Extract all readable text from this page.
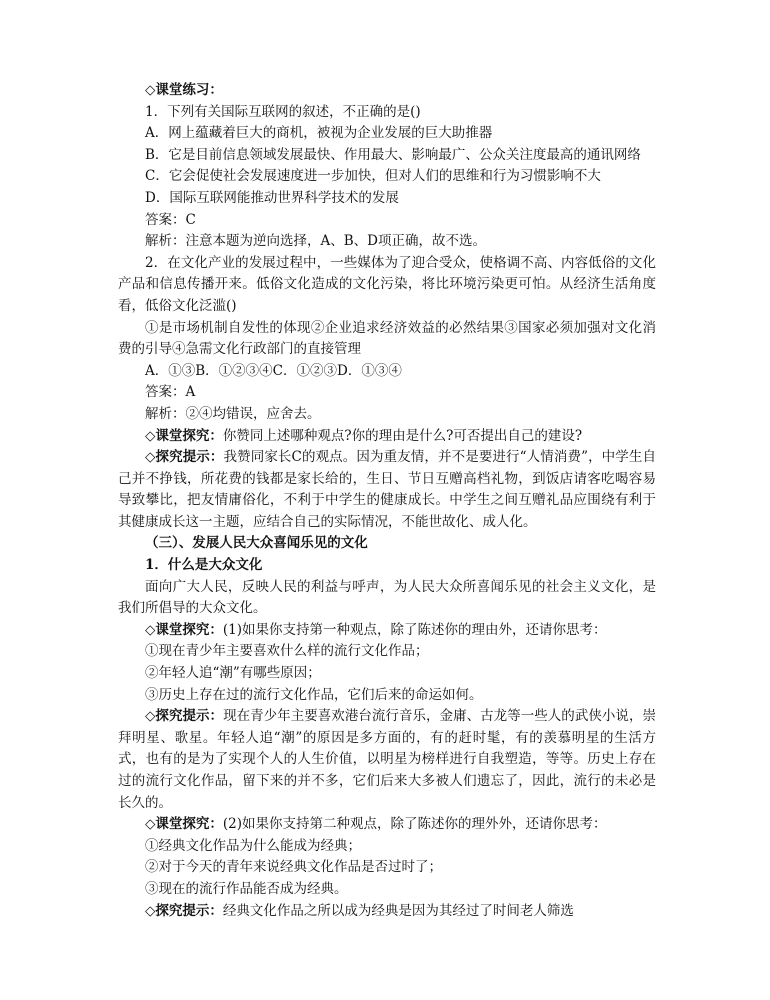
◇课堂练习：

1．下列有关国际互联网的叙述，不正确的是()

A．网上蕴藏着巨大的商机，被视为企业发展的巨大助推器

B．它是目前信息领域发展最快、作用最大、影响最广、公众关注度最高的通讯网络

C．它会促使社会发展速度进一步加快，但对人们的思维和行为习惯影响不大

D．国际互联网能推动世界科学技术的发展

答案：C

解析：注意本题为逆向选择，A、B、D项正确，故不选。

2．在文化产业的发展过程中，一些媒体为了迎合受众，使格调不高、内容低俗的文化产品和信息传播开来。低俗文化造成的文化污染，将比环境污染更可怕。从经济生活角度看，低俗文化泛滥()

①是市场机制自发性的体现②企业追求经济效益的必然结果③国家必须加强对文化消费的引导④急需文化行政部门的直接管理

A．①③B．①②③④C．①②③D．①③④

答案：A

解析：②④均错误，应舍去。

◇课堂探究：你赞同上述哪种观点?你的理由是什么?可否提出自己的建设?

◇探究提示：我赞同家长C的观点。因为重友情，并不是要进行“人情消费”，中学生自己并不挣钱，所花费的钱都是家长给的，生日、节日互赠高档礼物，到饭店请客吃喝容易导致攀比，把友情庸俗化，不利于中学生的健康成长。中学生之间互赠礼品应围绕有利于其健康成长这一主题，应结合自己的实际情况，不能世故化、成人化。

（三）、发展人民大众喜闻乐见的文化

1．什么是大众文化

面向广大人民，反映人民的利益与呼声，为人民大众所喜闻乐见的社会主义文化，是我们所倡导的大众文化。

◇课堂探究：(1)如果你支持第一种观点，除了陈述你的理由外，还请你思考：

①现在青少年主要喜欢什么样的流行文化作品；

②年轻人追“潮”有哪些原因；

③历史上存在过的流行文化作品，它们后来的命运如何。

◇探究提示：现在青少年主要喜欢港台流行音乐，金庸、古龙等一些人的武侠小说，崇拜明星、歌星。年轻人追“潮”的原因是多方面的，有的赶时髦，有的羡慕明星的生活方式，也有的是为了实现个人的人生价值，以明星为榜样进行自我塑造，等等。历史上存在过的流行文化作品，留下来的并不多，它们后来大多被人们遗忘了，因此，流行的未必是长久的。

◇课堂探究：(2)如果你支持第二种观点，除了陈述你的理外外，还请你思考：

①经典文化作品为什么能成为经典；

②对于今天的青年来说经典文化作品是否过时了；

③现在的流行作品能否成为经典。

◇探究提示：经典文化作品之所以成为经典是因为其经过了时间老人筛选
